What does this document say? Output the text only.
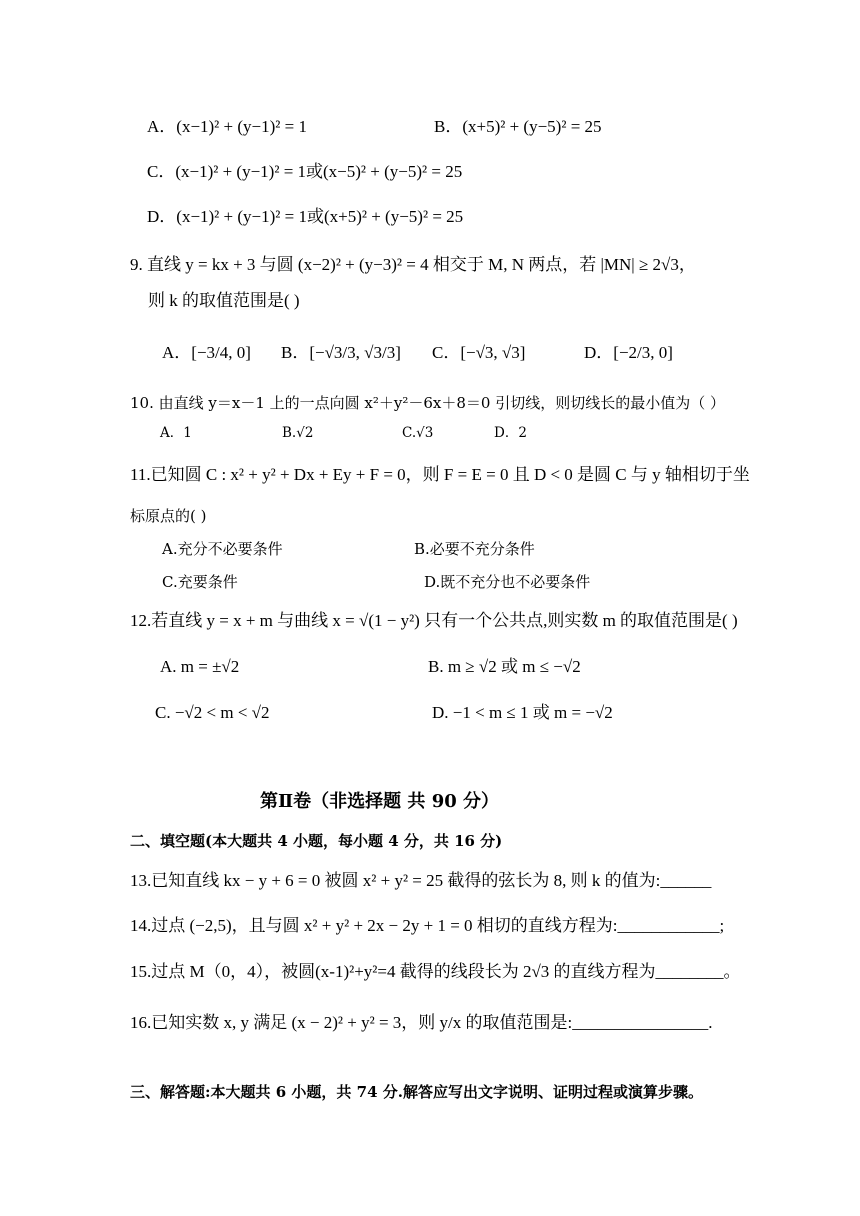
A．(x−1)² + (y−1)² = 1	B．(x+5)² + (y−5)² = 25
C．(x−1)² + (y−1)² = 1或(x−5)² + (y−5)² = 25
D．(x−1)² + (y−1)² = 1或(x+5)² + (y−5)² = 25
9. 直线 y = kx + 3 与圆 (x−2)² + (y−3)² = 4 相交于 M, N 两点，若 |MN| ≥ 2√3，
则 k 的取值范围是( )
A．[−3/4, 0] B．[−√3/3, √3/3] C．[−√3, √3]	D．[−2/3, 0]
10. 由直线 y＝x－1 上的一点向圆 x²＋y²－6x＋8＝0 引切线，则切线长的最小值为（ ）
A．1	B.√2	C.√3	D．2
11.已知圆 C : x² + y² + Dx + Ey + F = 0，则 F = E = 0 且 D < 0 是圆 C 与 y 轴相切于坐
标原点的( )
A.充分不必要条件	B.必要不充分条件
C.充要条件	D.既不充分也不必要条件
12.若直线 y = x + m 与曲线 x = √(1 − y²) 只有一个公共点,则实数 m 的取值范围是( )
A. m = ±√2	B. m ≥ √2 或 m ≤ −√2
C. −√2 < m < √2	D. −1 < m ≤ 1 或 m = −√2
第Ⅱ卷（非选择题 共 90 分）
二、填空题(本大题共 4 小题，每小题 4 分，共 16 分)
13.已知直线 kx − y + 6 = 0 被圆 x² + y² = 25 截得的弦长为 8, 则 k 的值为:______
14.过点 (−2,5)，且与圆 x² + y² + 2x − 2y + 1 = 0 相切的直线方程为:____________;
15.过点 M（0，4），被圆(x-1)²+y²=4 截得的线段长为 2√3 的直线方程为________。
16.已知实数 x, y 满足 (x − 2)² + y² = 3，则 y/x 的取值范围是:________________.
三、解答题:本大题共 6 小题，共 74 分.解答应写出文字说明、证明过程或演算步骤。
